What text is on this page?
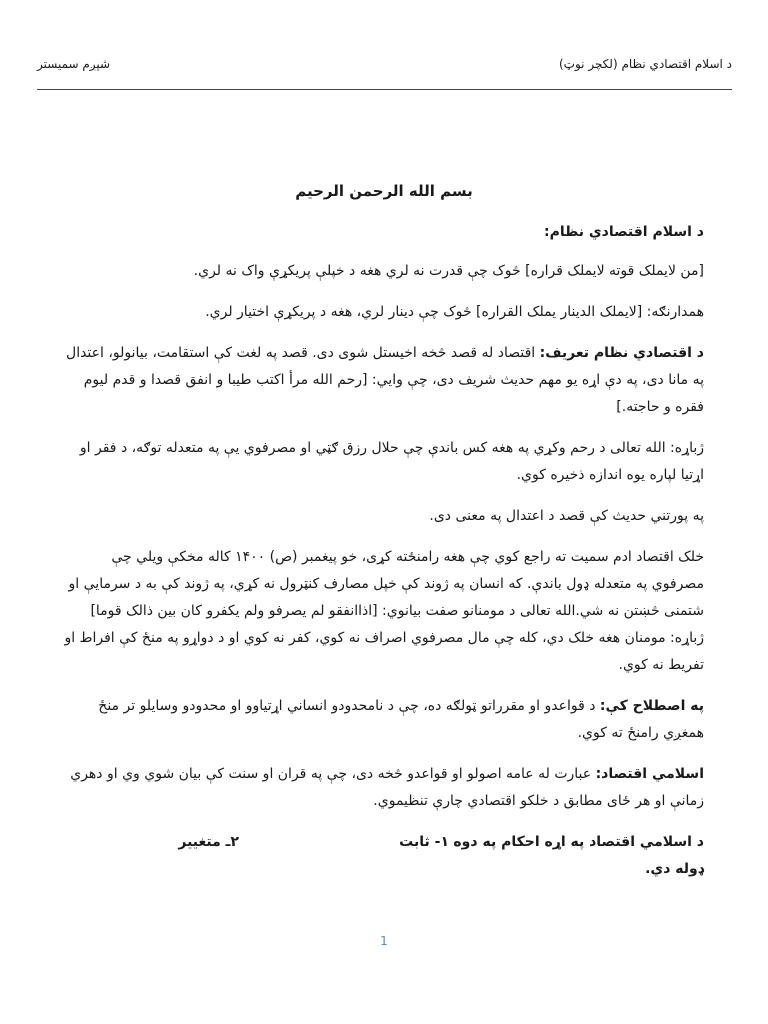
د اسلام اقتصادي نظام (لکچر نوټ)
شپږم سمیستر
بسم الله الرحمن الرحيم
د اسلام اقتصادي نظام:

[من لایملک قوته لایملک قراره] څوک چې قدرت نه لري هغه د خپلې پریکړې واک نه لري.

همدارنګه: [لایملک الدینار یملک القراره] څوک چې دینار لري، هغه د پریکړې اختیار لري.

د اقتصادي نظام تعریف: اقتصاد له قصد څخه اخیستل شوی دی. قصد په لغت کې استقامت، بیانولو، اعتدال په مانا دی، په دې اړه یو مهم حدیث شریف دی، چې وایي: [رحم الله مرأ اکتب طيبا و انفق قصدا و قدم ليوم فقره و حاجته.]

ژباړه: الله تعالی د رحم وکړي په هغه کس باندې چې حلال رزق ګټي او مصرفوي یې په متعدله توګه، د فقر او اړتیا لپاره یوه اندازه ذخیره کوي.

په پورتني حدیث کې قصد د اعتدال په معنی دی.

خلک اقتصاد ادم سمیت ته راجع کوي چې هغه رامنځته کړی، خو پیغمبر (ص) ۱۴۰۰ کاله مخکې ویلي چې مصرفوي په متعدله ډول باندې. که انسان په ژوند کې خپل مصارف کنټرول نه کړي، په ژوند کې به د سرمایې او شتمنی څښتن نه شي.الله تعالی د مومنانو صفت بیانوي: [اذاانفقو لم یصرفو ولم يكفرو كان بين ذالک قوما] ژباړه: مومنان هغه خلک دي، کله چې مال مصرفوي اصراف نه کوي، کفر نه کوي او د دواړو په منځ کې افراط او تفریط نه کوي.

په اصطلاح کې: د قواعدو او مقرراتو ټولګه ده، چې د نامحدودو انساني اړتیاوو او محدودو وسایلو تر منځ همغږي رامنځ ته کوي.

اسلامي اقتصاد: عبارت له عامه اصولو او قواعدو څخه دی، چې په قران او سنت کې بیان شوي وي او دهري زمانې او هر ځای مطابق د خلکو اقتصادي چارې تنظیموي.

د اسلامي اقتصاد په اړه احکام په دوه ډوله دي.
۱- ثابت
۲ـ متغییر
1
